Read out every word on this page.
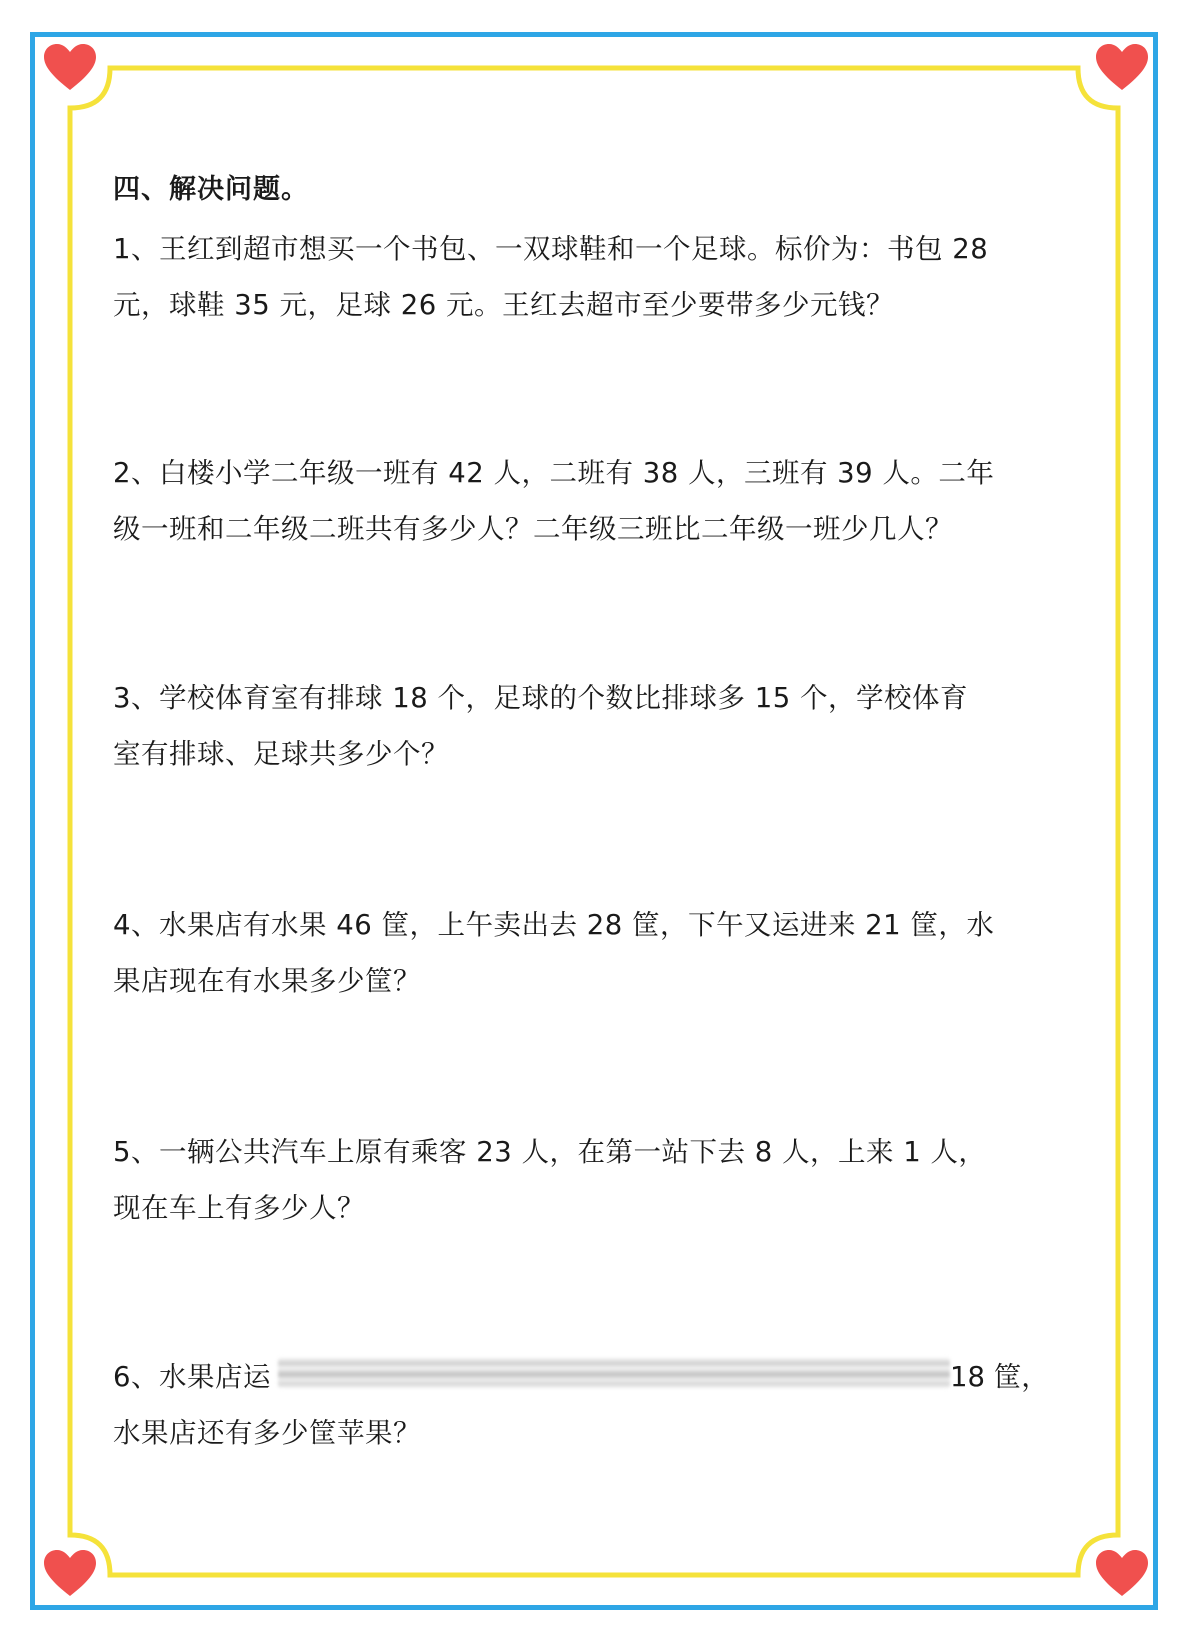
四、解决问题。

1、王红到超市想买一个书包、一双球鞋和一个足球。标价为：书包 28

元，球鞋 35 元，足球 26 元。王红去超市至少要带多少元钱？

2、白楼小学二年级一班有 42 人，二班有 38 人，三班有 39 人。二年

级一班和二年级二班共有多少人？二年级三班比二年级一班少几人？

3、学校体育室有排球 18 个，足球的个数比排球多 15 个，学校体育

室有排球、足球共多少个？

4、水果店有水果 46 筐，上午卖出去 28 筐，下午又运进来 21 筐，水

果店现在有水果多少筐？

5、一辆公共汽车上原有乘客 23 人，在第一站下去 8 人，上来 1 人，

现在车上有多少人？

6、水果店运

水果店还有多少筐苹果？

18 筐，
